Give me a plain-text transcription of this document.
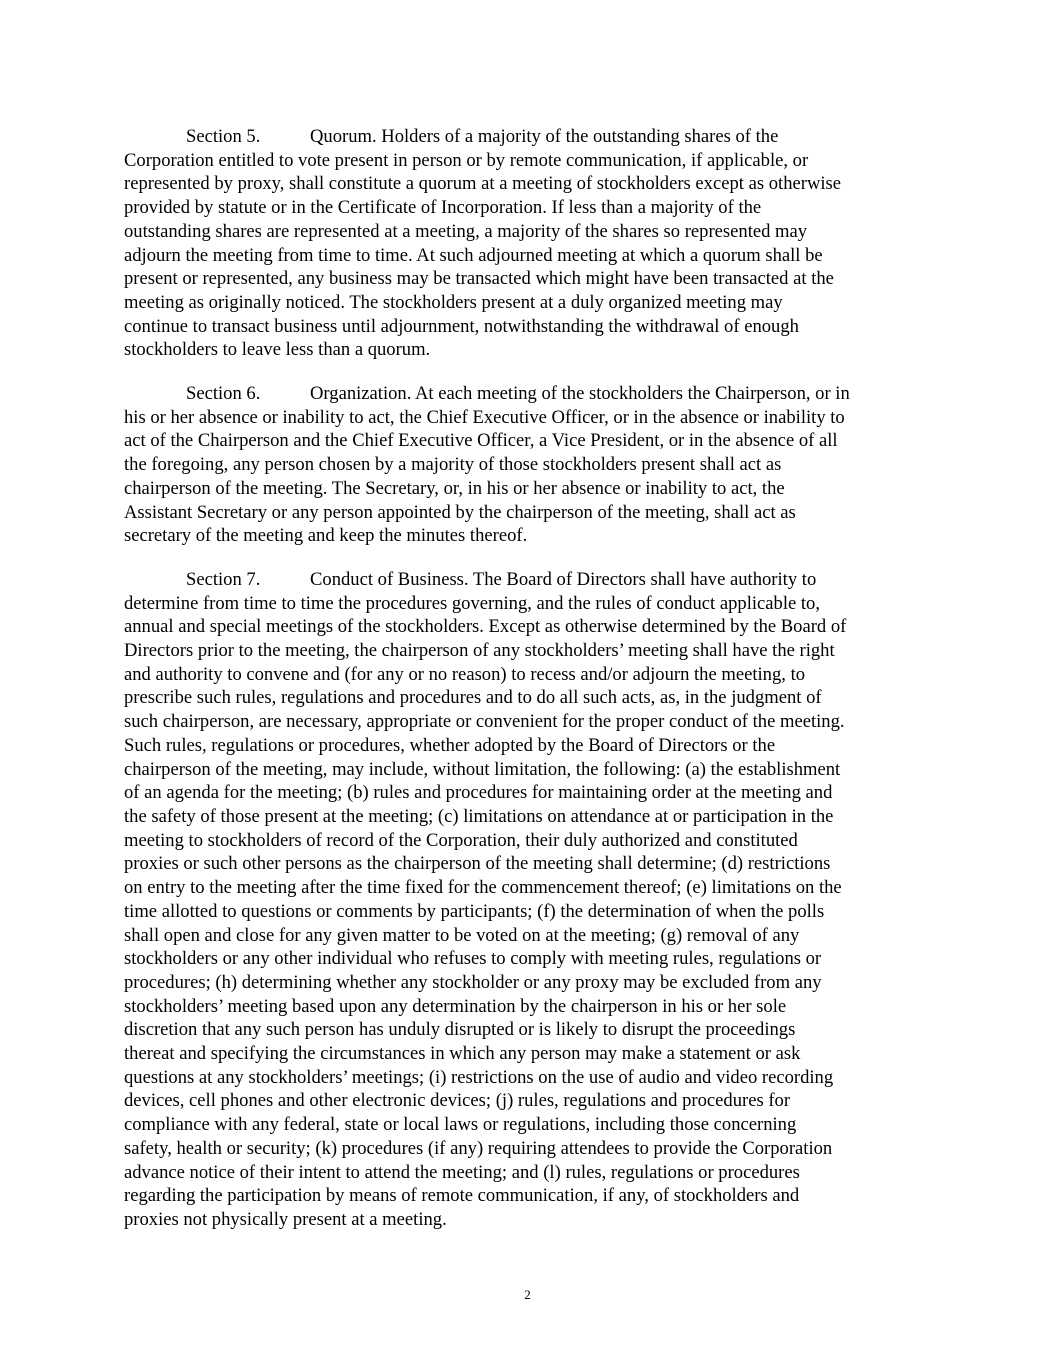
Section 5.	Quorum. Holders of a majority of the outstanding shares of the
Corporation entitled to vote present in person or by remote communication, if applicable, or
represented by proxy, shall constitute a quorum at a meeting of stockholders except as otherwise
provided by statute or in the Certificate of Incorporation. If less than a majority of the
outstanding shares are represented at a meeting, a majority of the shares so represented may
adjourn the meeting from time to time. At such adjourned meeting at which a quorum shall be
present or represented, any business may be transacted which might have been transacted at the
meeting as originally noticed. The stockholders present at a duly organized meeting may
continue to transact business until adjournment, notwithstanding the withdrawal of enough
stockholders to leave less than a quorum.
Section 6.	Organization. At each meeting of the stockholders the Chairperson, or in
his or her absence or inability to act, the Chief Executive Officer, or in the absence or inability to
act of the Chairperson and the Chief Executive Officer, a Vice President, or in the absence of all
the foregoing, any person chosen by a majority of those stockholders present shall act as
chairperson of the meeting. The Secretary, or, in his or her absence or inability to act, the
Assistant Secretary or any person appointed by the chairperson of the meeting, shall act as
secretary of the meeting and keep the minutes thereof.
Section 7.	Conduct of Business. The Board of Directors shall have authority to
determine from time to time the procedures governing, and the rules of conduct applicable to,
annual and special meetings of the stockholders. Except as otherwise determined by the Board of
Directors prior to the meeting, the chairperson of any stockholders’ meeting shall have the right
and authority to convene and (for any or no reason) to recess and/or adjourn the meeting, to
prescribe such rules, regulations and procedures and to do all such acts, as, in the judgment of
such chairperson, are necessary, appropriate or convenient for the proper conduct of the meeting.
Such rules, regulations or procedures, whether adopted by the Board of Directors or the
chairperson of the meeting, may include, without limitation, the following: (a) the establishment
of an agenda for the meeting; (b) rules and procedures for maintaining order at the meeting and
the safety of those present at the meeting; (c) limitations on attendance at or participation in the
meeting to stockholders of record of the Corporation, their duly authorized and constituted
proxies or such other persons as the chairperson of the meeting shall determine; (d) restrictions
on entry to the meeting after the time fixed for the commencement thereof; (e) limitations on the
time allotted to questions or comments by participants; (f) the determination of when the polls
shall open and close for any given matter to be voted on at the meeting; (g) removal of any
stockholders or any other individual who refuses to comply with meeting rules, regulations or
procedures; (h) determining whether any stockholder or any proxy may be excluded from any
stockholders’ meeting based upon any determination by the chairperson in his or her sole
discretion that any such person has unduly disrupted or is likely to disrupt the proceedings
thereat and specifying the circumstances in which any person may make a statement or ask
questions at any stockholders’ meetings; (i) restrictions on the use of audio and video recording
devices, cell phones and other electronic devices; (j) rules, regulations and procedures for
compliance with any federal, state or local laws or regulations, including those concerning
safety, health or security; (k) procedures (if any) requiring attendees to provide the Corporation
advance notice of their intent to attend the meeting; and (l) rules, regulations or procedures
regarding the participation by means of remote communication, if any, of stockholders and
proxies not physically present at a meeting.
2
